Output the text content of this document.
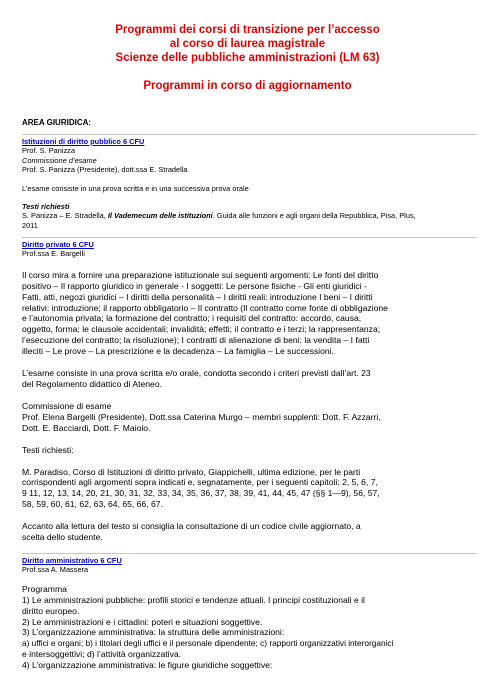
Programmi dei corsi di transizione per l’accesso
al corso di laurea magistrale
Scienze delle pubbliche amministrazioni (LM 63)
Programmi in corso di aggiornamento
AREA GIURIDICA:

Istituzioni di diritto pubblico 6 CFU

Prof. S. Panizza

Commissione d’esame

Prof. S. Panizza (Presidente), dott.ssa E. Stradella

L’esame consiste in una prova scritta e in una successiva prova orale

Testi richiesti

S. Panizza – E. Stradella, Il Vademecum delle istituzioni. Guida alle funzioni e agli organi della Repubblica, Pisa, Plus,

2011

Diritto privato 6 CFU

Prof.ssa E. Bargelli

Il corso mira a fornire una preparazione istituzionale sui seguenti argomenti: Le fonti del diritto

positivo – Il rapporto giuridico in generale - I soggetti: Le persone fisiche - Gli enti giuridici -

Fatti, atti, negozi giuridici – I diritti della personalità – I diritti reali: introduzione I beni – I diritti

relativi: introduzione; il rapporto obbligatorio – Il contratto (Il contratto come fonte di obbligazione

e l’autonomia privata; la formazione del contratto; i requisiti del contratto: accordo, causa,

oggetto, forma; le clausole accidentali; invalidità; effetti; il contratto e i terzi; la rappresentanza;

l’esecuzione del contratto; la risoluzione); I contratti di alienazione di beni: la vendita – I fatti

illeciti – Le prove – La prescrizione e la decadenza – La famiglia – Le successioni.

L’esame consiste in una prova scritta e/o orale, condotta secondo i criteri previsti dall’art. 23

del Regolamento didattico di Ateneo.

Commissione di esame

Prof. Elena Bargelli (Presidente), Dott.ssa Caterina Murgo – membri supplenti: Dott. F. Azzarri,

Dott. E. Bacciardi, Dott. F. Maiolo.

Testi richiesti:

M. Paradiso, Corso di Istituzioni di diritto privato, Giappichelli, ultima edizione, per le parti

corrispondenti agli argomenti sopra indicati e, segnatamente, per i seguenti capitoli: 2, 5, 6, 7,

9 11, 12, 13, 14, 20, 21, 30, 31, 32, 33, 34, 35, 36, 37, 38, 39, 41, 44, 45, 47 (§§ 1—9), 56, 57,

58, 59, 60, 61, 62, 63, 64, 65, 66, 67.

Accanto alla lettura del testo si consiglia la consultazione di un codice civile aggiornato, a

scelta dello studente.

Diritto amministrativo 6 CFU

Prof.ssa A. Massera

Programma

1) Le amministrazioni pubbliche: profili storici e tendenze attuali. I principi costituzionali e il

diritto europeo.

2) Le amministrazioni e i cittadini: poteri e situazioni soggettive.

3) L’organizzazione amministrativa: la struttura delle amministrazioni:

a) uffici e organi; b) i titolari degli uffici e il personale dipendente; c) rapporti organizzativi interorganici

e intersoggettivi; d) l’attività organizzativa.

4) L’organizzazione amministrativa: le figure giuridiche soggettive:
